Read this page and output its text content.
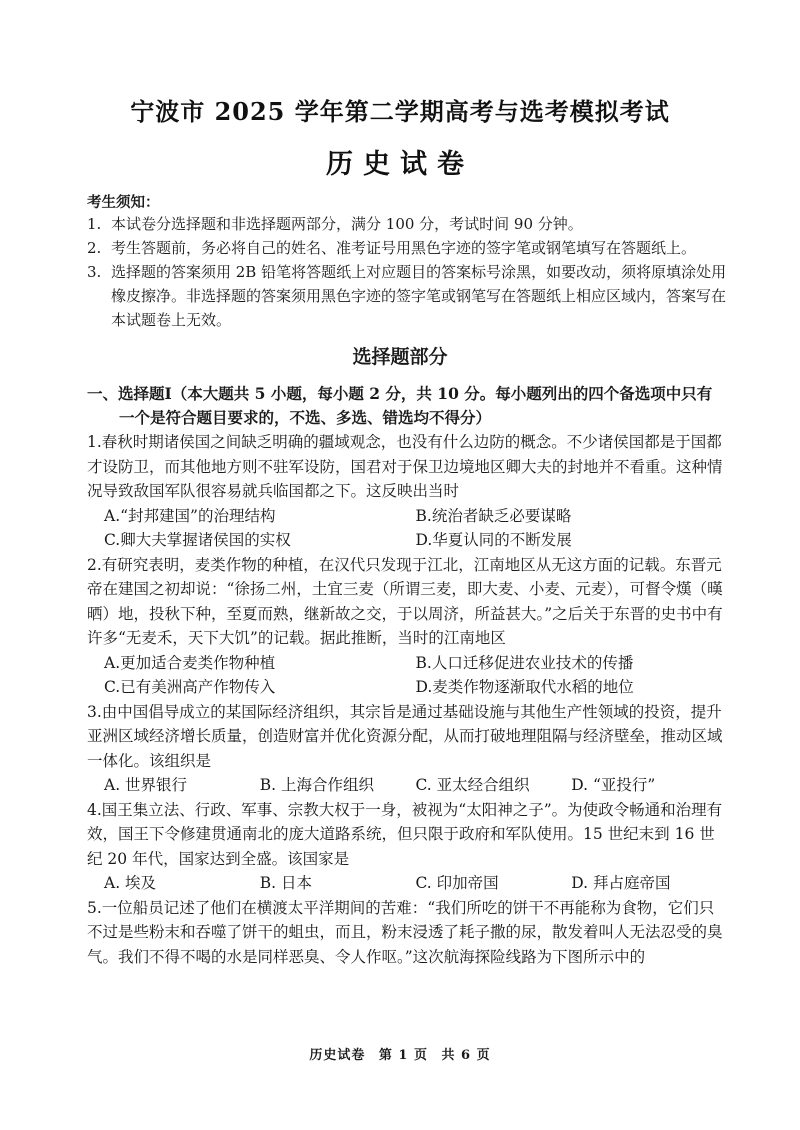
宁波市 2025 学年第二学期高考与选考模拟考试
历史试卷
考生须知：
1. 本试卷分选择题和非选择题两部分，满分 100 分，考试时间 90 分钟。
2. 考生答题前，务必将自己的姓名、准考证号用黑色字迹的签字笔或钢笔填写在答题纸上。
3. 选择题的答案须用 2B 铅笔将答题纸上对应题目的答案标号涂黑，如要改动，须将原填涂处用橡皮擦净。非选择题的答案须用黑色字迹的签字笔或钢笔写在答题纸上相应区域内，答案写在本试题卷上无效。
选择题部分
一、选择题Ⅰ（本大题共 5 小题，每小题 2 分，共 10 分。每小题列出的四个备选项中只有
一个是符合题目要求的，不选、多选、错选均不得分）
1.春秋时期诸侯国之间缺乏明确的疆域观念，也没有什么边防的概念。不少诸侯国都是于国都才设防卫，而其他地方则不驻军设防，国君对于保卫边境地区卿大夫的封地并不看重。这种情况导致敌国军队很容易就兵临国都之下。这反映出当时
A.“封邦建国”的治理结构	B.统治者缺乏必要谋略
C.卿大夫掌握诸侯国的实权	D.华夏认同的不断发展
2.有研究表明，麦类作物的种植，在汉代只发现于江北，江南地区从无这方面的记载。东晋元帝在建国之初却说：“徐扬二州，土宜三麦（所谓三麦，即大麦、小麦、元麦），可督令熯（暵晒）地，投秋下种，至夏而熟，继新故之交，于以周济，所益甚大。”之后关于东晋的史书中有许多“无麦禾，天下大饥”的记载。据此推断，当时的江南地区
A.更加适合麦类作物种植	B.人口迁移促进农业技术的传播
C.已有美洲高产作物传入	D.麦类作物逐渐取代水稻的地位
3.由中国倡导成立的某国际经济组织，其宗旨是通过基础设施与其他生产性领域的投资，提升亚洲区域经济增长质量，创造财富并优化资源分配，从而打破地理阻隔与经济壁垒，推动区域一体化。该组织是
A. 世界银行	B. 上海合作组织	C. 亚太经合组织	D. “亚投行”
4.国王集立法、行政、军事、宗教大权于一身，被视为“太阳神之子”。为使政令畅通和治理有效，国王下令修建贯通南北的庞大道路系统，但只限于政府和军队使用。15 世纪末到 16 世纪 20 年代，国家达到全盛。该国家是
A. 埃及	B. 日本	C. 印加帝国	D. 拜占庭帝国
5.一位船员记述了他们在横渡太平洋期间的苦难：“我们所吃的饼干不再能称为食物，它们只不过是些粉末和吞噬了饼干的蛆虫，而且，粉末浸透了耗子撒的尿，散发着叫人无法忍受的臭气。我们不得不喝的水是同样恶臭、令人作呕。”这次航海探险线路为下图所示中的
历史试卷 第 1 页 共 6 页
